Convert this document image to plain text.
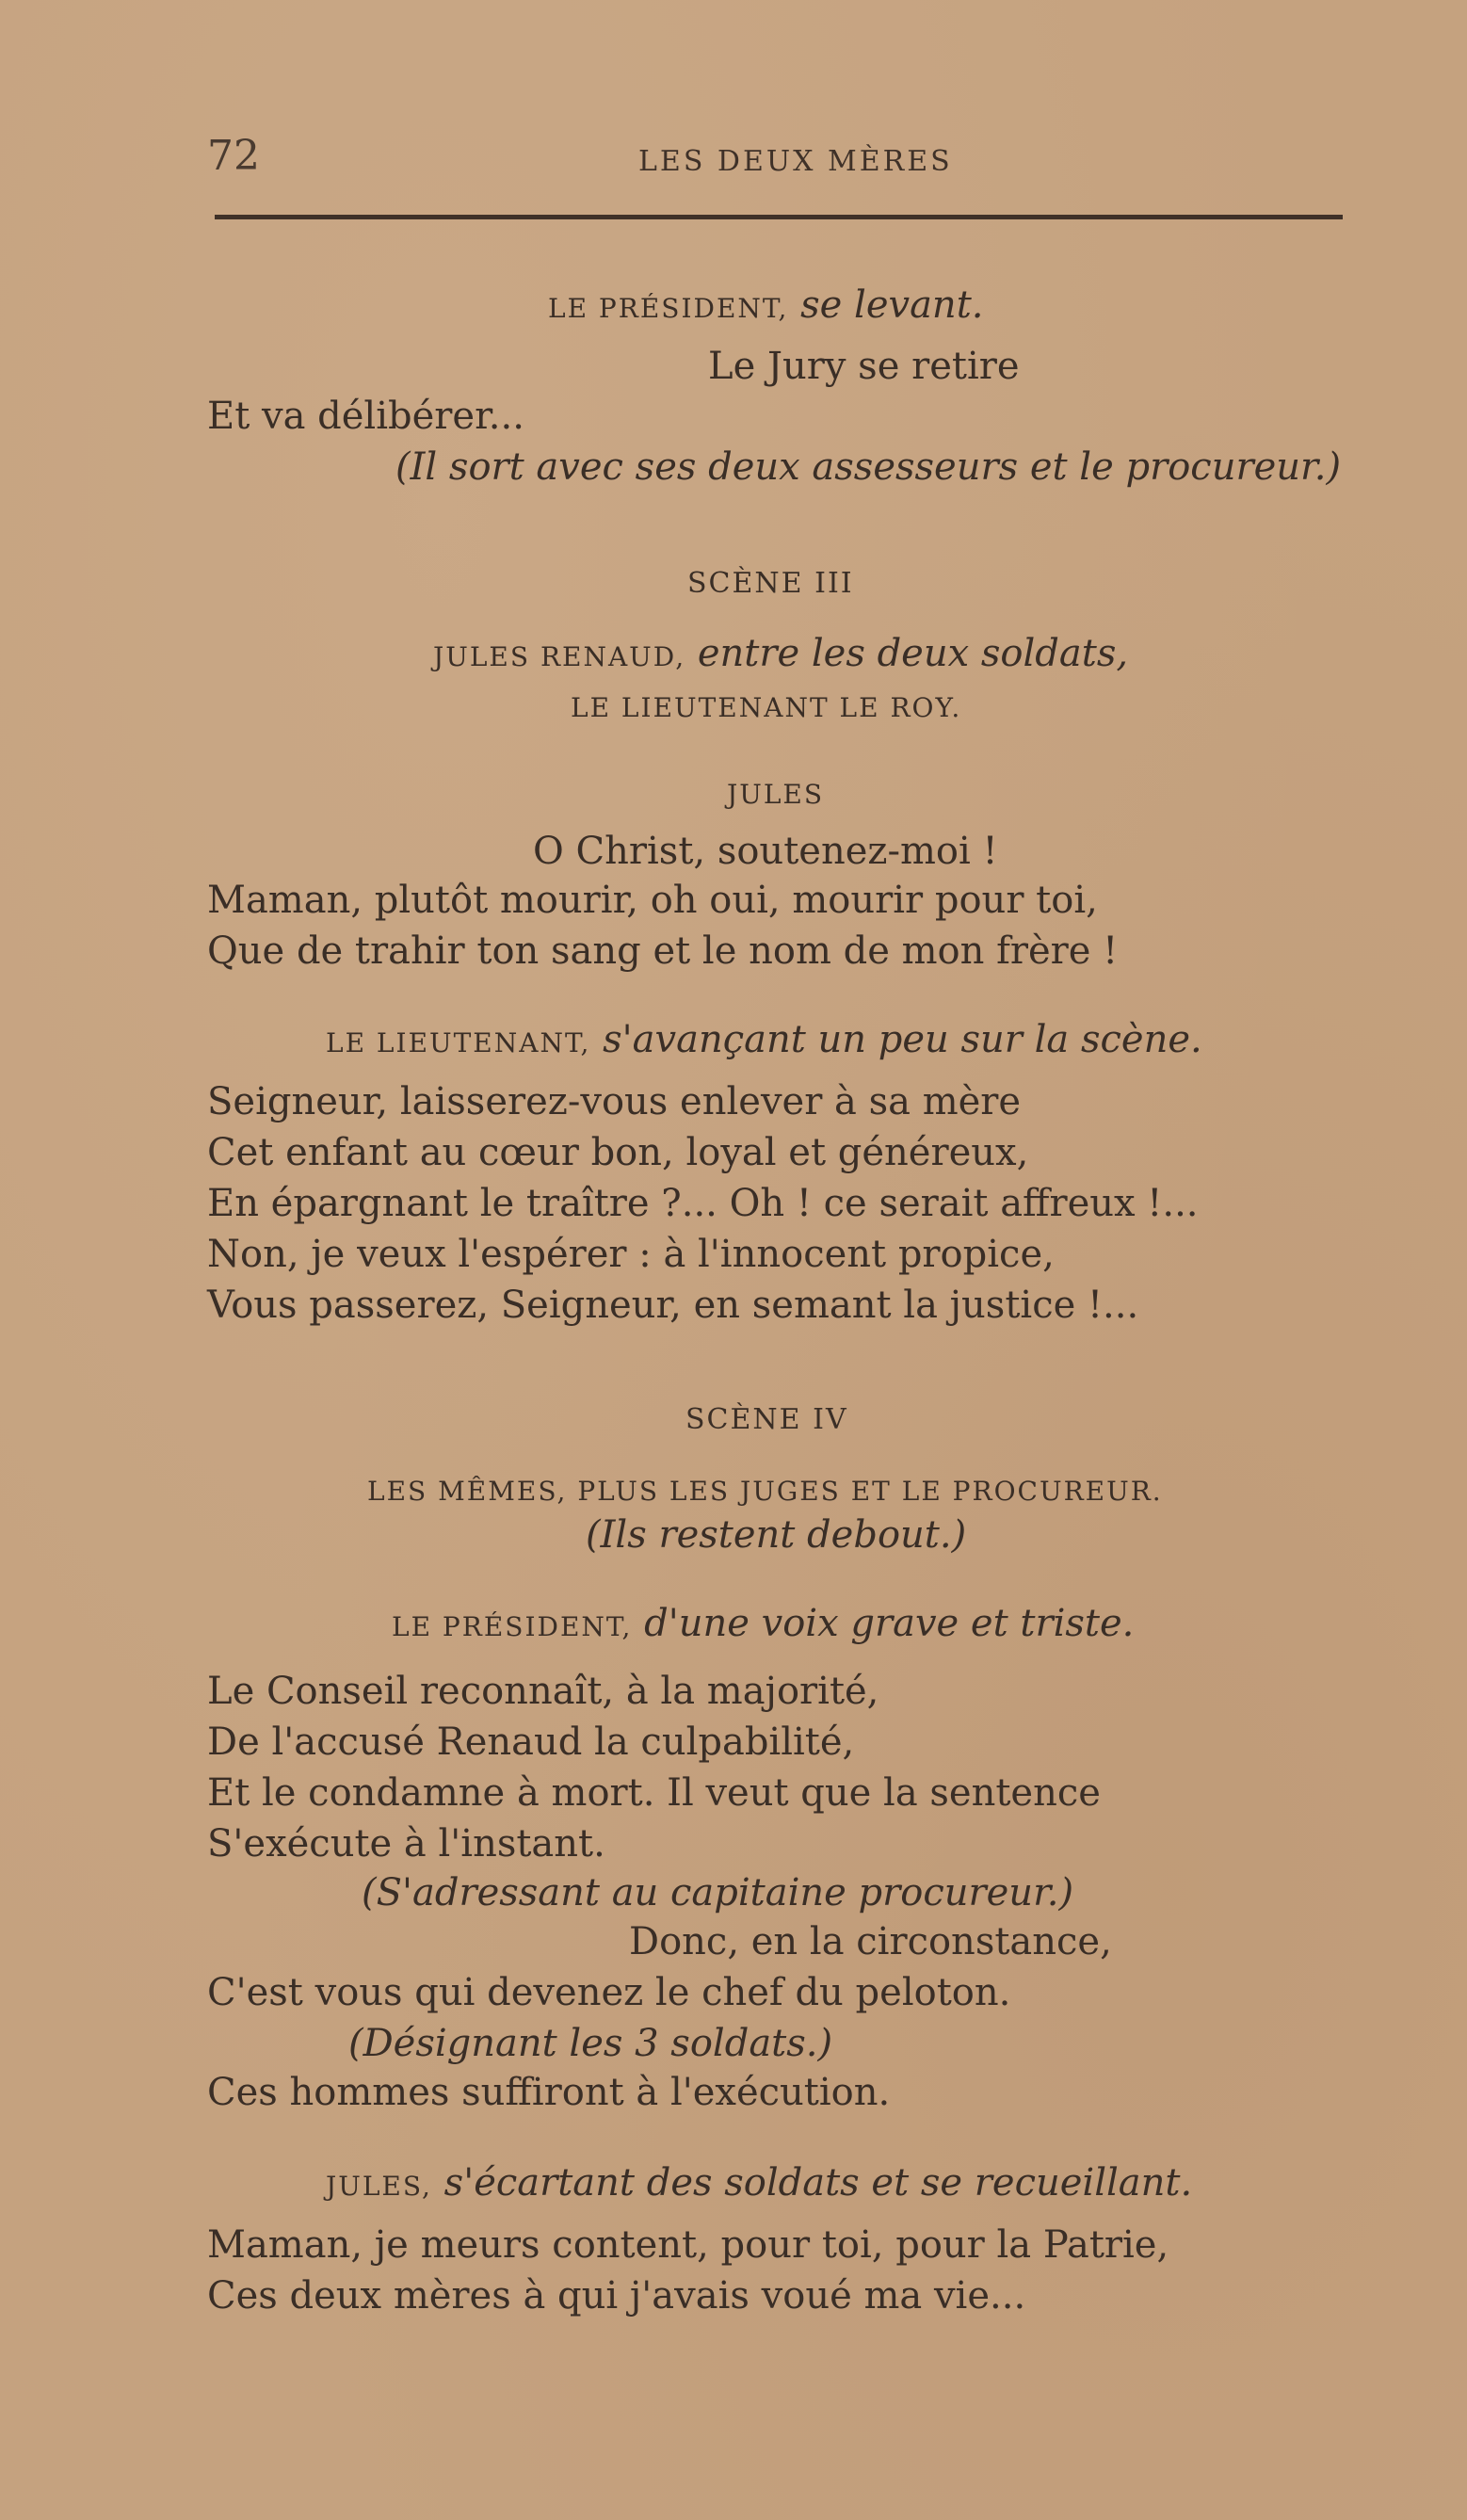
72	LES DEUX MÈRES
LE PRÉSIDENT, se levant.
Le Jury se retire
Et va délibérer...
(Il sort avec ses deux assesseurs et le procureur.)
SCÈNE III
JULES RENAUD, entre les deux soldats,
LE LIEUTENANT LE ROY.
JULES
O Christ, soutenez-moi !
Maman, plutôt mourir, oh oui, mourir pour toi,
Que de trahir ton sang et le nom de mon frère !
LE LIEUTENANT, s'avançant un peu sur la scène.
Seigneur, laisserez-vous enlever à sa mère
Cet enfant au cœur bon, loyal et généreux,
En épargnant le traître ?... Oh ! ce serait affreux !...
Non, je veux l'espérer : à l'innocent propice,
Vous passerez, Seigneur, en semant la justice !...
SCÈNE IV
LES MÊMES, PLUS LES JUGES ET LE PROCUREUR.
(Ils restent debout.)
LE PRÉSIDENT, d'une voix grave et triste.
Le Conseil reconnaît, à la majorité,
De l'accusé Renaud la culpabilité,
Et le condamne à mort. Il veut que la sentence
S'exécute à l'instant.
(S'adressant au capitaine procureur.)
Donc, en la circonstance,
C'est vous qui devenez le chef du peloton.
(Désignant les 3 soldats.)
Ces hommes suffiront à l'exécution.
JULES, s'écartant des soldats et se recueillant.
Maman, je meurs content, pour toi, pour la Patrie,
Ces deux mères à qui j'avais voué ma vie...
